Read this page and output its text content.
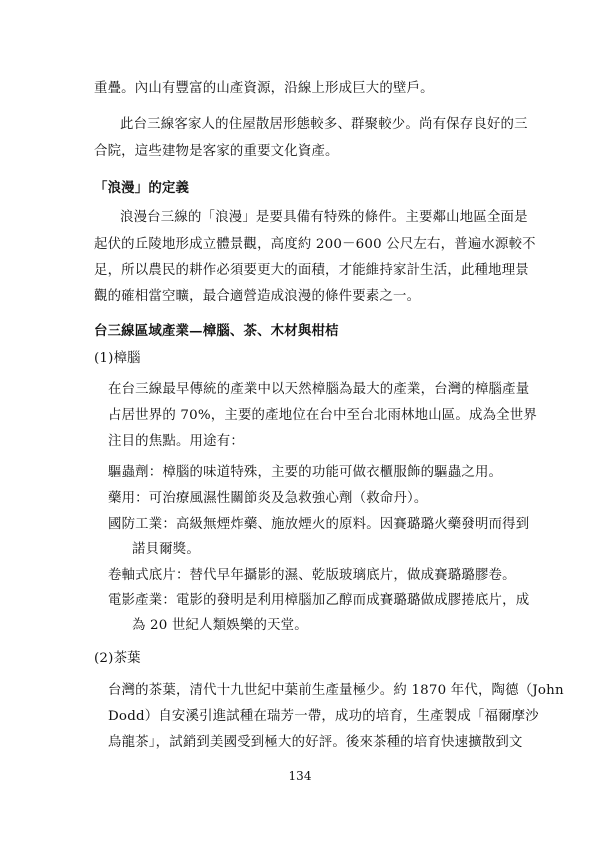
重疊。內山有豐富的山產資源，沿線上形成巨大的壁戶。
此台三線客家人的住屋散居形態較多、群聚較少。尚有保存良好的三
合院，這些建物是客家的重要文化資產。
「浪漫」的定義
浪漫台三線的「浪漫」是要具備有特殊的條件。主要鄰山地區全面是
起伏的丘陵地形成立體景觀，高度約 200－600 公尺左右，普遍水源較不
足，所以農民的耕作必須要更大的面積，才能維持家計生活，此種地理景
觀的確相當空曠，最合適營造成浪漫的條件要素之一。
台三線區域產業—樟腦、茶、木材與柑桔
(1)樟腦
在台三線最早傳統的產業中以天然樟腦為最大的產業，台灣的樟腦產量
占居世界的 70%，主要的產地位在台中至台北雨林地山區。成為全世界
注目的焦點。用途有：
驅蟲劑：樟腦的味道特殊，主要的功能可做衣櫃服飾的驅蟲之用。
藥用：可治療風濕性關節炎及急救強心劑（救命丹）。
國防工業：高級無煙炸藥、施放煙火的原料。因賽璐璐火藥發明而得到
諾貝爾獎。
卷軸式底片：替代早年攝影的濕、乾版玻璃底片，做成賽璐璐膠卷。
電影產業：電影的發明是利用樟腦加乙醇而成賽璐璐做成膠捲底片，成
為 20 世紀人類娛樂的天堂。
(2)茶葉
台灣的茶葉，清代十九世紀中葉前生產量極少。約 1870 年代，陶德（John
Dodd）自安溪引進試種在瑞芳一帶，成功的培育，生產製成「福爾摩沙
烏龍茶」，試銷到美國受到極大的好評。後來茶種的培育快速擴散到文
134
